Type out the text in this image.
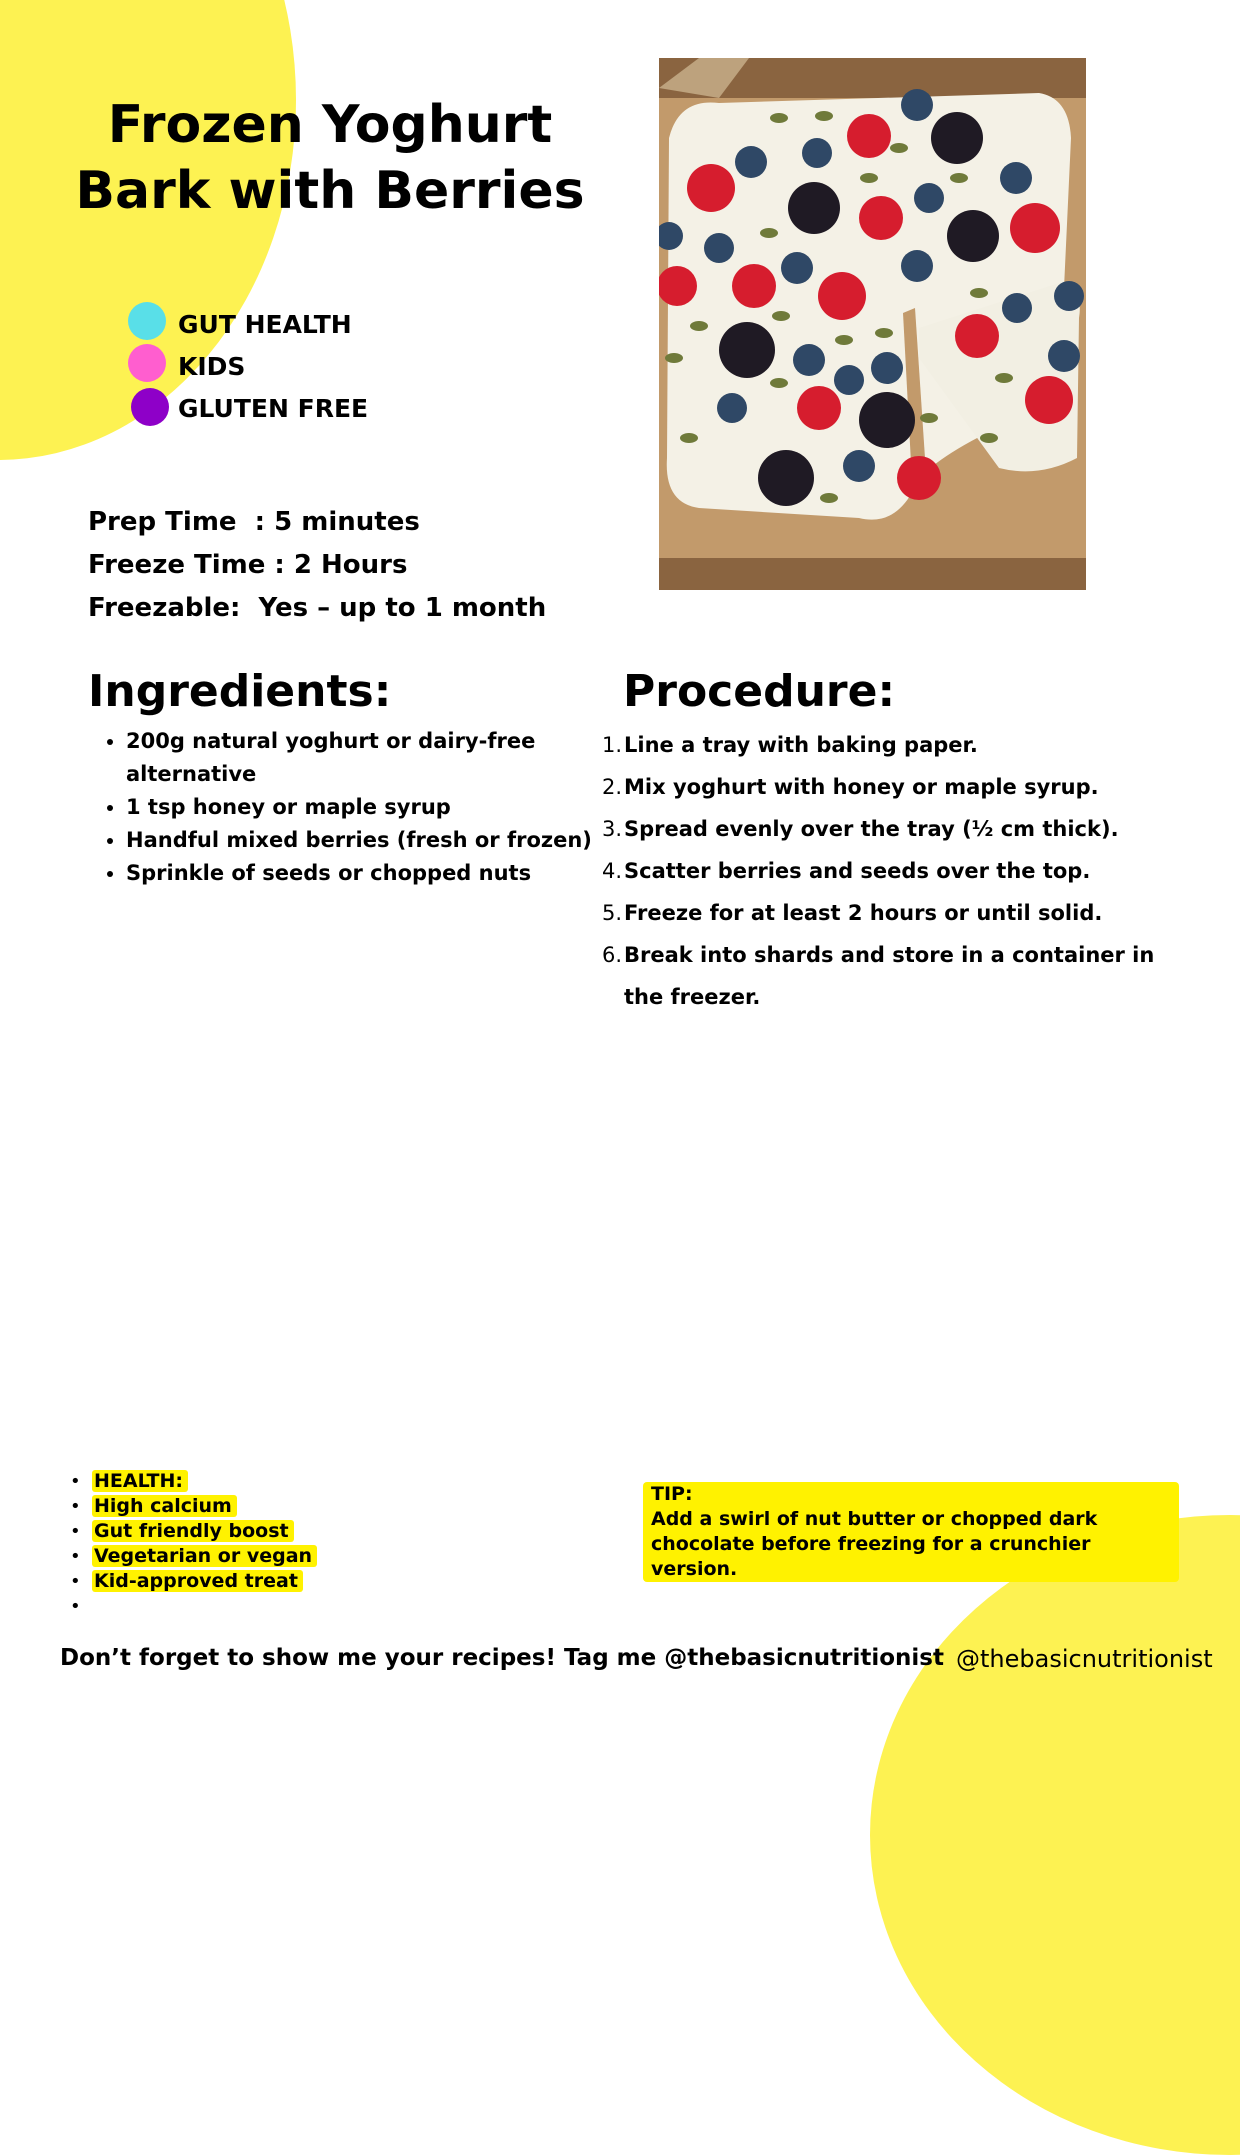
Frozen Yoghurt Bark with Berries
GUT HEALTH
KIDS
GLUTEN FREE
Prep Time  : 5 minutes
Freeze Time : 2 Hours
Freezable:  Yes – up to 1 month
Ingredients:
• 200g natural yoghurt or dairy-free alternative
• 1 tsp honey or maple syrup
• Handful mixed berries (fresh or frozen)
• Sprinkle of seeds or chopped nuts
Procedure:
1. Line a tray with baking paper.
2. Mix yoghurt with honey or maple syrup.
3. Spread evenly over the tray (½ cm thick).
4. Scatter berries and seeds over the top.
5. Freeze for at least 2 hours or until solid.
6. Break into shards and store in a container in the freezer.
• HEALTH:
• High calcium
• Gut friendly boost
• Vegetarian or vegan
• Kid-approved treat
•
TIP:
Add a swirl of nut butter or chopped dark chocolate before freezing for a crunchier version.
Don’t forget to show me your recipes! Tag me @thebasicnutritionist @thebasicnutritionist
